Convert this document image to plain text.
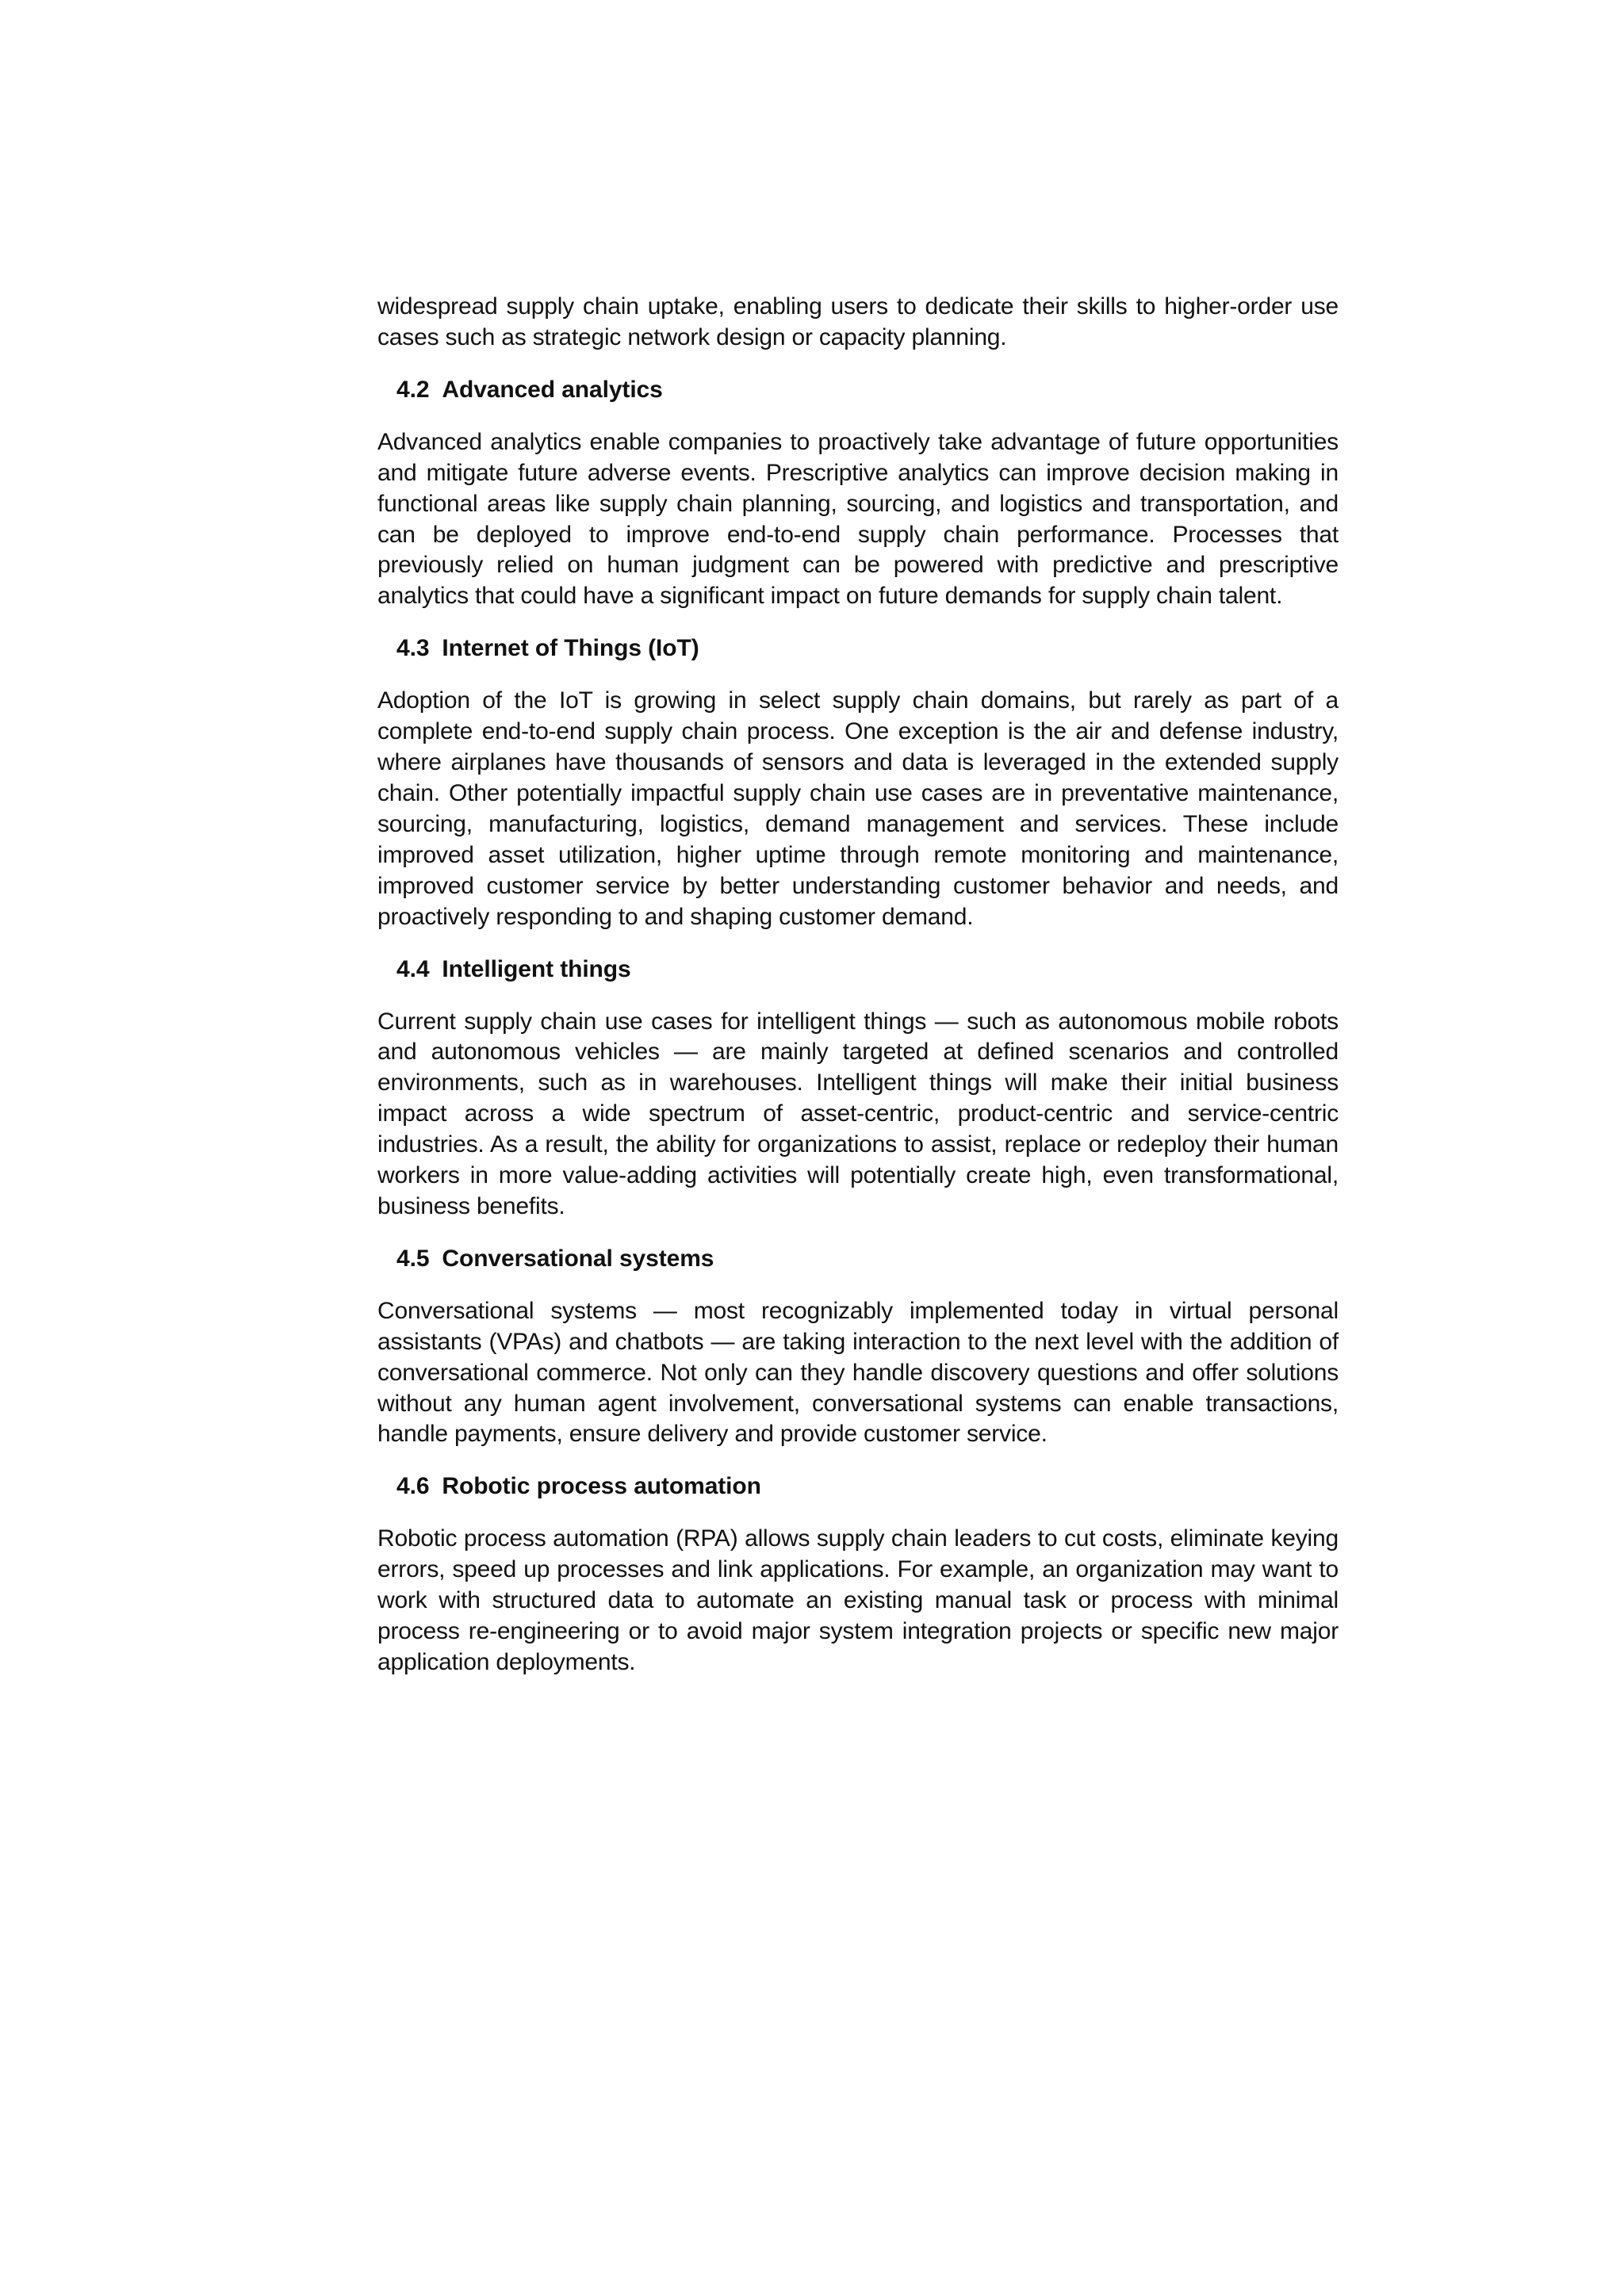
widespread supply chain uptake, enabling users to dedicate their skills to higher-order use cases such as strategic network design or capacity planning.

4.2 Advanced analytics

Advanced analytics enable companies to proactively take advantage of future opportunities and mitigate future adverse events. Prescriptive analytics can improve decision making in functional areas like supply chain planning, sourcing, and logistics and transportation, and can be deployed to improve end-to-end supply chain performance. Processes that previously relied on human judgment can be powered with predictive and prescriptive analytics that could have a significant impact on future demands for supply chain talent.

4.3 Internet of Things (IoT)

Adoption of the IoT is growing in select supply chain domains, but rarely as part of a complete end-to-end supply chain process. One exception is the air and defense industry, where airplanes have thousands of sensors and data is leveraged in the extended supply chain. Other potentially impactful supply chain use cases are in preventative maintenance, sourcing, manufacturing, logistics, demand management and services. These include improved asset utilization, higher uptime through remote monitoring and maintenance, improved customer service by better understanding customer behavior and needs, and proactively responding to and shaping customer demand.

4.4 Intelligent things

Current supply chain use cases for intelligent things — such as autonomous mobile robots and autonomous vehicles — are mainly targeted at defined scenarios and controlled environments, such as in warehouses. Intelligent things will make their initial business impact across a wide spectrum of asset-centric, product-centric and service-centric industries. As a result, the ability for organizations to assist, replace or redeploy their human workers in more value-adding activities will potentially create high, even transformational, business benefits.

4.5 Conversational systems

Conversational systems — most recognizably implemented today in virtual personal assistants (VPAs) and chatbots — are taking interaction to the next level with the addition of conversational commerce. Not only can they handle discovery questions and offer solutions without any human agent involvement, conversational systems can enable transactions, handle payments, ensure delivery and provide customer service.

4.6 Robotic process automation

Robotic process automation (RPA) allows supply chain leaders to cut costs, eliminate keying errors, speed up processes and link applications. For example, an organization may want to work with structured data to automate an existing manual task or process with minimal process re-engineering or to avoid major system integration projects or specific new major application deployments.
